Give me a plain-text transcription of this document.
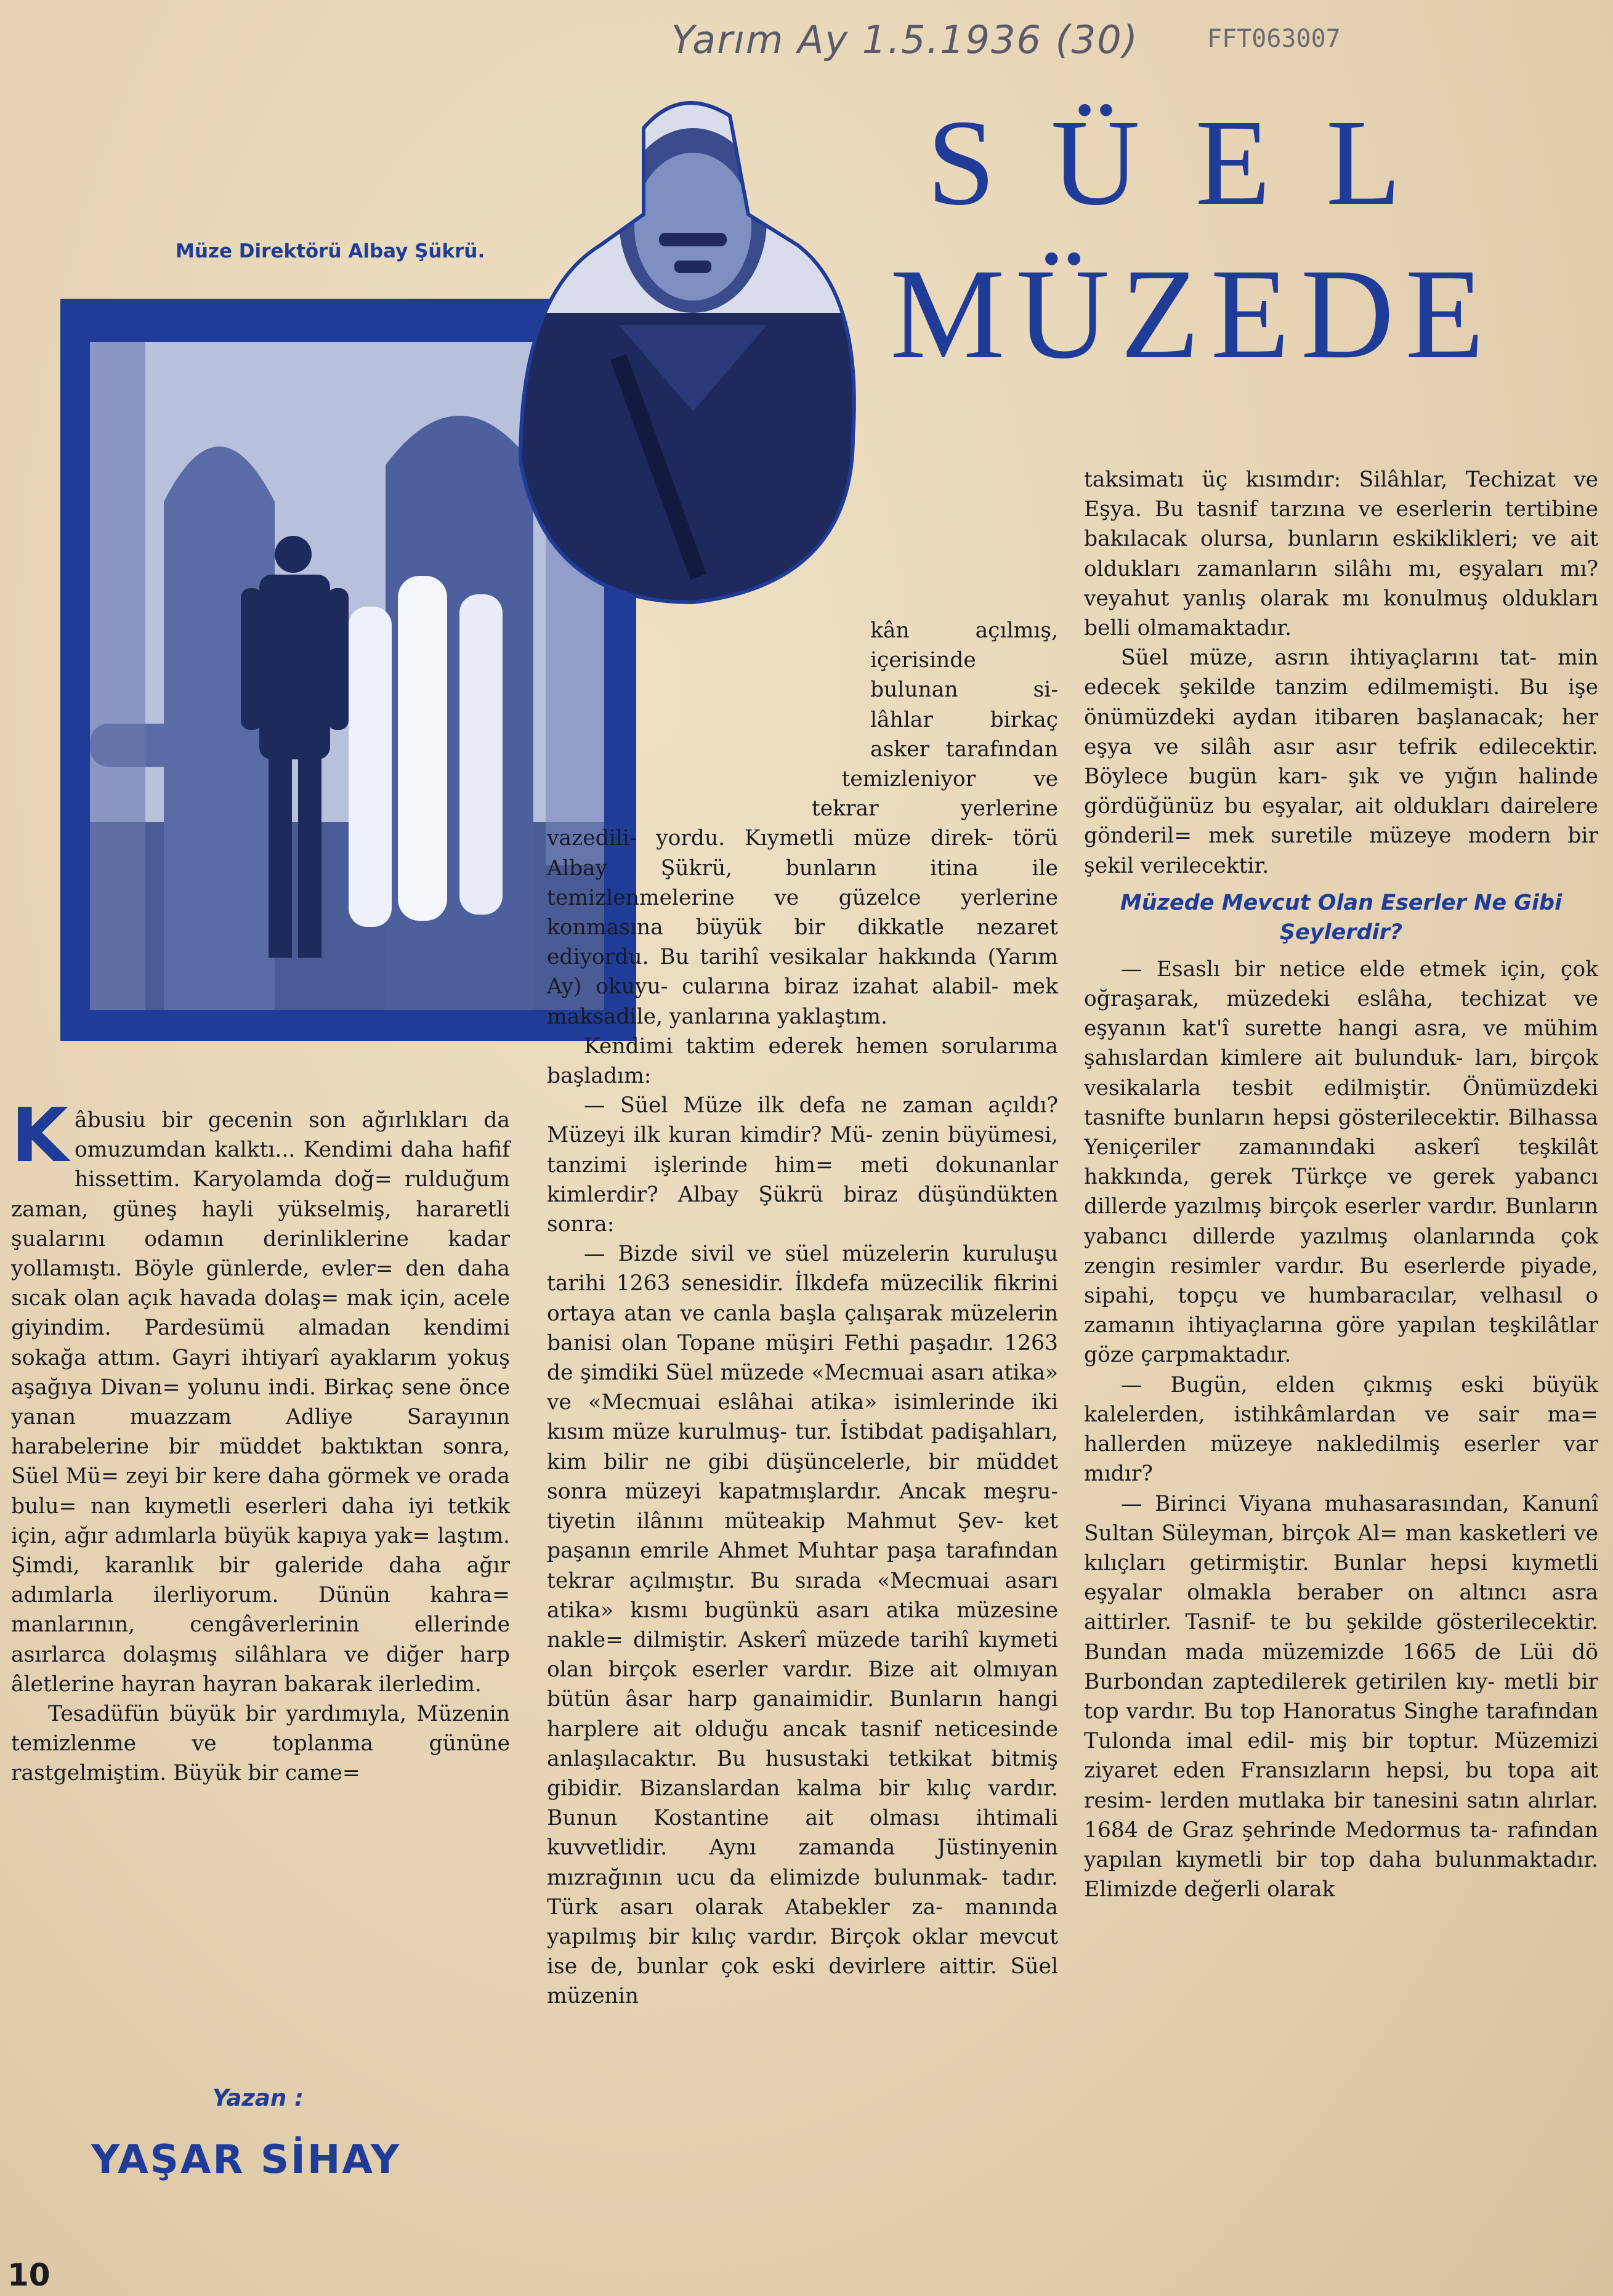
Yarım Ay 1.5.1936 (30)	FFT063007
SÜEL
MÜZEDE
Müze Direktörü Albay Şükrü.

Kâbusiu bir gecenin son ağırlıkları da omuzumdan kalktı... Kendimi daha hafif hissettim. Karyolamda doğ= rulduğum zaman, güneş hayli yükselmiş, hararetli şualarını odamın derinliklerine kadar yollamıştı. Böyle günlerde, evler= den daha sıcak olan açık havada dolaş= mak için, acele giyindim. Pardesümü almadan kendimi sokağa attım. Gayri ihtiyarî ayaklarım yokuş aşağıya Divan= yolunu indi. Birkaç sene önce yanan muazzam Adliye Sarayının harabelerine bir müddet baktıktan sonra, Süel Mü= zeyi bir kere daha görmek ve orada bulu= nan kıymetli eserleri daha iyi tetkik için, ağır adımlarla büyük kapıya yak= laştım. Şimdi, karanlık bir galeride daha ağır adımlarla ilerliyorum. Dünün kahra= manlarının, cengâverlerinin ellerinde asırlarca dolaşmış silâhlara ve diğer harp âletlerine hayran hayran bakarak ilerledim.

Tesadüfün büyük bir yardımıyla, Müzenin temizlenme ve toplanma gününe rastgelmiştim. Büyük bir came=

Yazan :
YAŞAR SİHAY
10

kân açılmış, içerisinde bulunan si- lâhlar birkaç asker tarafından temizleniyor ve tekrar yerlerine vazedili- yordu. Kıymetli müze direk- törü Albay Şükrü, bunların itina ile temizlenmelerine ve güzelce yerlerine konmasına büyük bir dikkatle nezaret ediyordu. Bu tarihî vesikalar hakkında (Yarım Ay) okuyu- cularına biraz izahat alabil- mek maksadile, yanlarına yaklaştım.

Kendimi taktim ederek hemen sorularıma başladım:

— Süel Müze ilk defa ne zaman açıldı? Müzeyi ilk kuran kimdir? Mü- zenin büyümesi, tanzimi işlerinde him= meti dokunanlar kimlerdir? Albay Şükrü biraz düşündükten sonra:

— Bizde sivil ve süel müzelerin kuruluşu tarihi 1263 senesidir. İlkdefa müzecilik fikrini ortaya atan ve canla başla çalışarak müzelerin banisi olan Topane müşiri Fethi paşadır. 1263 de şimdiki Süel müzede «Mecmuai asarı atika» ve «Mecmuai eslâhai atika» isimlerinde iki kısım müze kurulmuş- tur. İstibdat padişahları, kim bilir ne gibi düşüncelerle, bir müddet sonra müzeyi kapatmışlardır. Ancak meşru- tiyetin ilânını müteakip Mahmut Şev- ket paşanın emrile Ahmet Muhtar paşa tarafından tekrar açılmıştır. Bu sırada «Mecmuai asarı atika» kısmı bugünkü asarı atika müzesine nakle= dilmiştir. Askerî müzede tarihî kıymeti olan birçok eserler vardır. Bize ait olmıyan bütün âsar harp ganaimidir. Bunların hangi harplere ait olduğu ancak tasnif neticesinde anlaşılacaktır. Bu husustaki tetkikat bitmiş gibidir. Bizanslardan kalma bir kılıç vardır. Bunun Kostantine ait olması ihtimali kuvvetlidir. Aynı zamanda Jüstinyenin mızrağının ucu da elimizde bulunmak- tadır. Türk asarı olarak Atabekler za- manında yapılmış bir kılıç vardır. Birçok oklar mevcut ise de, bunlar çok eski devirlere aittir. Süel müzenin

taksimatı üç kısımdır: Silâhlar, Techizat ve Eşya. Bu tasnif tarzına ve eserlerin tertibine bakılacak olursa, bunların eskiklikleri; ve ait oldukları zamanların silâhı mı, eşyaları mı? veyahut yanlış olarak mı konulmuş oldukları belli olmamaktadır.

Süel müze, asrın ihtiyaçlarını tat- min edecek şekilde tanzim edilmemişti. Bu işe önümüzdeki aydan itibaren başlanacak; her eşya ve silâh asır asır tefrik edilecektir. Böylece bugün karı- şık ve yığın halinde gördüğünüz bu eşyalar, ait oldukları dairelere gönderil= mek suretile müzeye modern bir şekil verilecektir.

Müzede Mevcut Olan Eserler Ne Gibi Şeylerdir?

— Esaslı bir netice elde etmek için, çok oğraşarak, müzedeki eslâha, techizat ve eşyanın kat'î surette hangi asra, ve mühim şahıslardan kimlere ait bulunduk- ları, birçok vesikalarla tesbit edilmiştir. Önümüzdeki tasnifte bunların hepsi gösterilecektir. Bilhassa Yeniçeriler zamanındaki askerî teşkilât hakkında, gerek Türkçe ve gerek yabancı dillerde yazılmış birçok eserler vardır. Bunların yabancı dillerde yazılmış olanlarında çok zengin resimler vardır. Bu eserlerde piyade, sipahi, topçu ve humbaracılar, velhasıl o zamanın ihtiyaçlarına göre yapılan teşkilâtlar göze çarpmaktadır.

— Bugün, elden çıkmış eski büyük kalelerden, istihkâmlardan ve sair ma= hallerden müzeye nakledilmiş eserler var mıdır?

— Birinci Viyana muhasarasından, Kanunî Sultan Süleyman, birçok Al= man kasketleri ve kılıçları getirmiştir. Bunlar hepsi kıymetli eşyalar olmakla beraber on altıncı asra aittirler. Tasnif- te bu şekilde gösterilecektir. Bundan mada müzemizde 1665 de Lüi dö Burbondan zaptedilerek getirilen kıy- metli bir top vardır. Bu top Hanoratus Singhe tarafından Tulonda imal edil- miş bir toptur. Müzemizi ziyaret eden Fransızların hepsi, bu topa ait resim- lerden mutlaka bir tanesini satın alırlar. 1684 de Graz şehrinde Medormus ta- rafından yapılan kıymetli bir top daha bulunmaktadır. Elimizde değerli olarak
